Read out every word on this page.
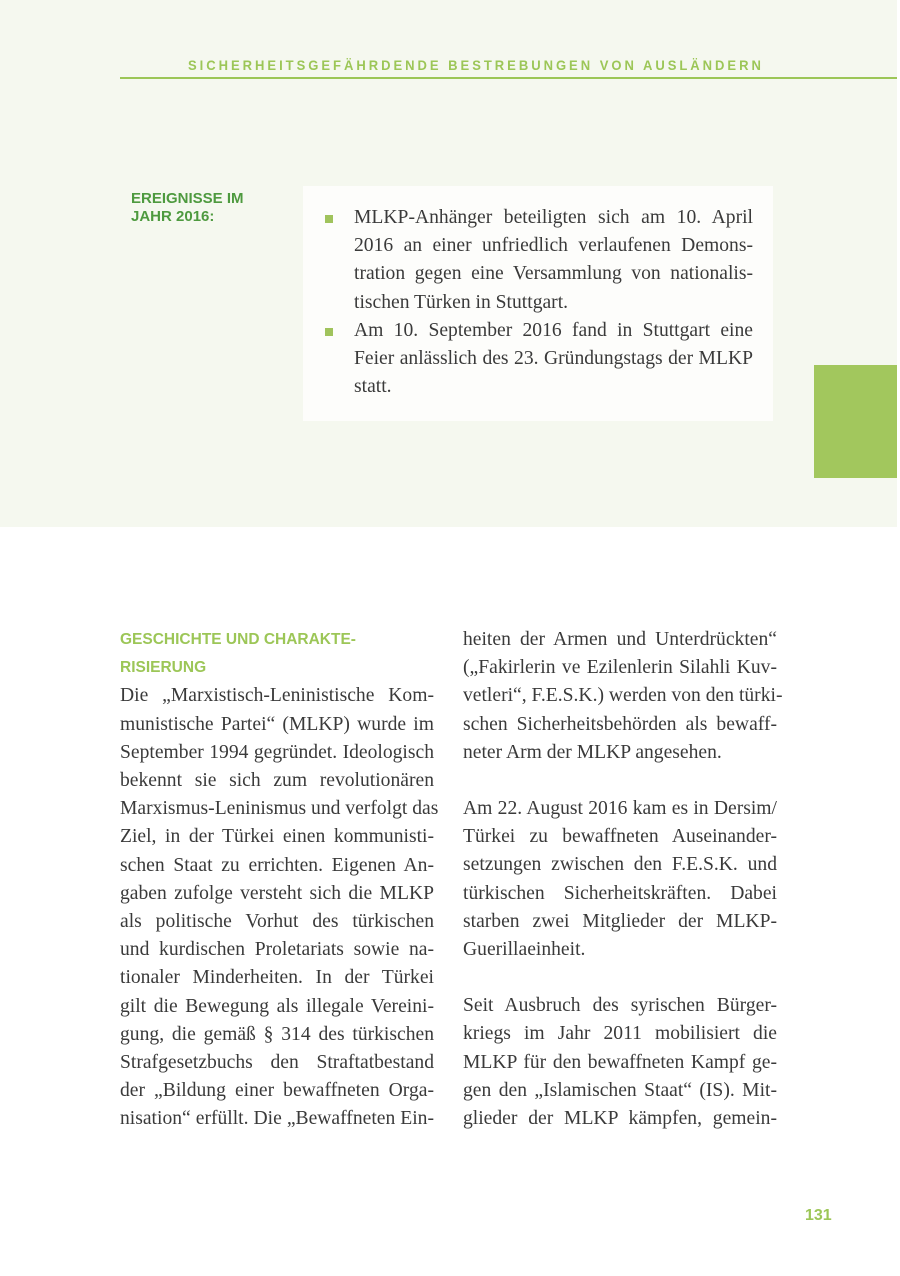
SICHERHEITSGEFÄHRDENDE BESTREBUNGEN VON AUSLÄNDERN
EREIGNISSE IM
JAHR 2016:	MLKP-Anhänger beteiligten sich am 10. April
2016 an einer unfriedlich verlaufenen Demons-
tration gegen eine Versammlung von nationalis-
tischen Türken in Stuttgart.
Am 10. September 2016 fand in Stuttgart eine
Feier anlässlich des 23. Gründungstags der MLKP
statt.
GESCHICHTE UND CHARAKTE-
RISIERUNG
Die „Marxistisch-Leninistische Kom-
munistische Partei“ (MLKP) wurde im
September 1994 gegründet. Ideologisch
bekennt sie sich zum revolutionären
Marxismus-Leninismus und verfolgt das
Ziel, in der Türkei einen kommunisti-
schen Staat zu errichten. Eigenen An-
gaben zufolge versteht sich die MLKP
als politische Vorhut des türkischen
und kurdischen Proletariats sowie na-
tionaler Minderheiten. In der Türkei
gilt die Bewegung als illegale Vereini-
gung, die gemäß § 314 des türkischen
Strafgesetzbuchs den Straftatbestand
der „Bildung einer bewaffneten Orga-
nisation“ erfüllt. Die „Bewaffneten Ein-
heiten der Armen und Unterdrückten“
(„Fakirlerin ve Ezilenlerin Silahli Kuv-
vetleri“, F.E.S.K.) werden von den türki-
schen Sicherheitsbehörden als bewaff-
neter Arm der MLKP angesehen.
Am 22. August 2016 kam es in Dersim/
Türkei zu bewaffneten Auseinander-
setzungen zwischen den F.E.S.K. und
türkischen Sicherheitskräften. Dabei
starben zwei Mitglieder der MLKP-
Guerillaeinheit.
Seit Ausbruch des syrischen Bürger-
kriegs im Jahr 2011 mobilisiert die
MLKP für den bewaffneten Kampf ge-
gen den „Islamischen Staat“ (IS). Mit-
glieder der MLKP kämpfen, gemein-
131
